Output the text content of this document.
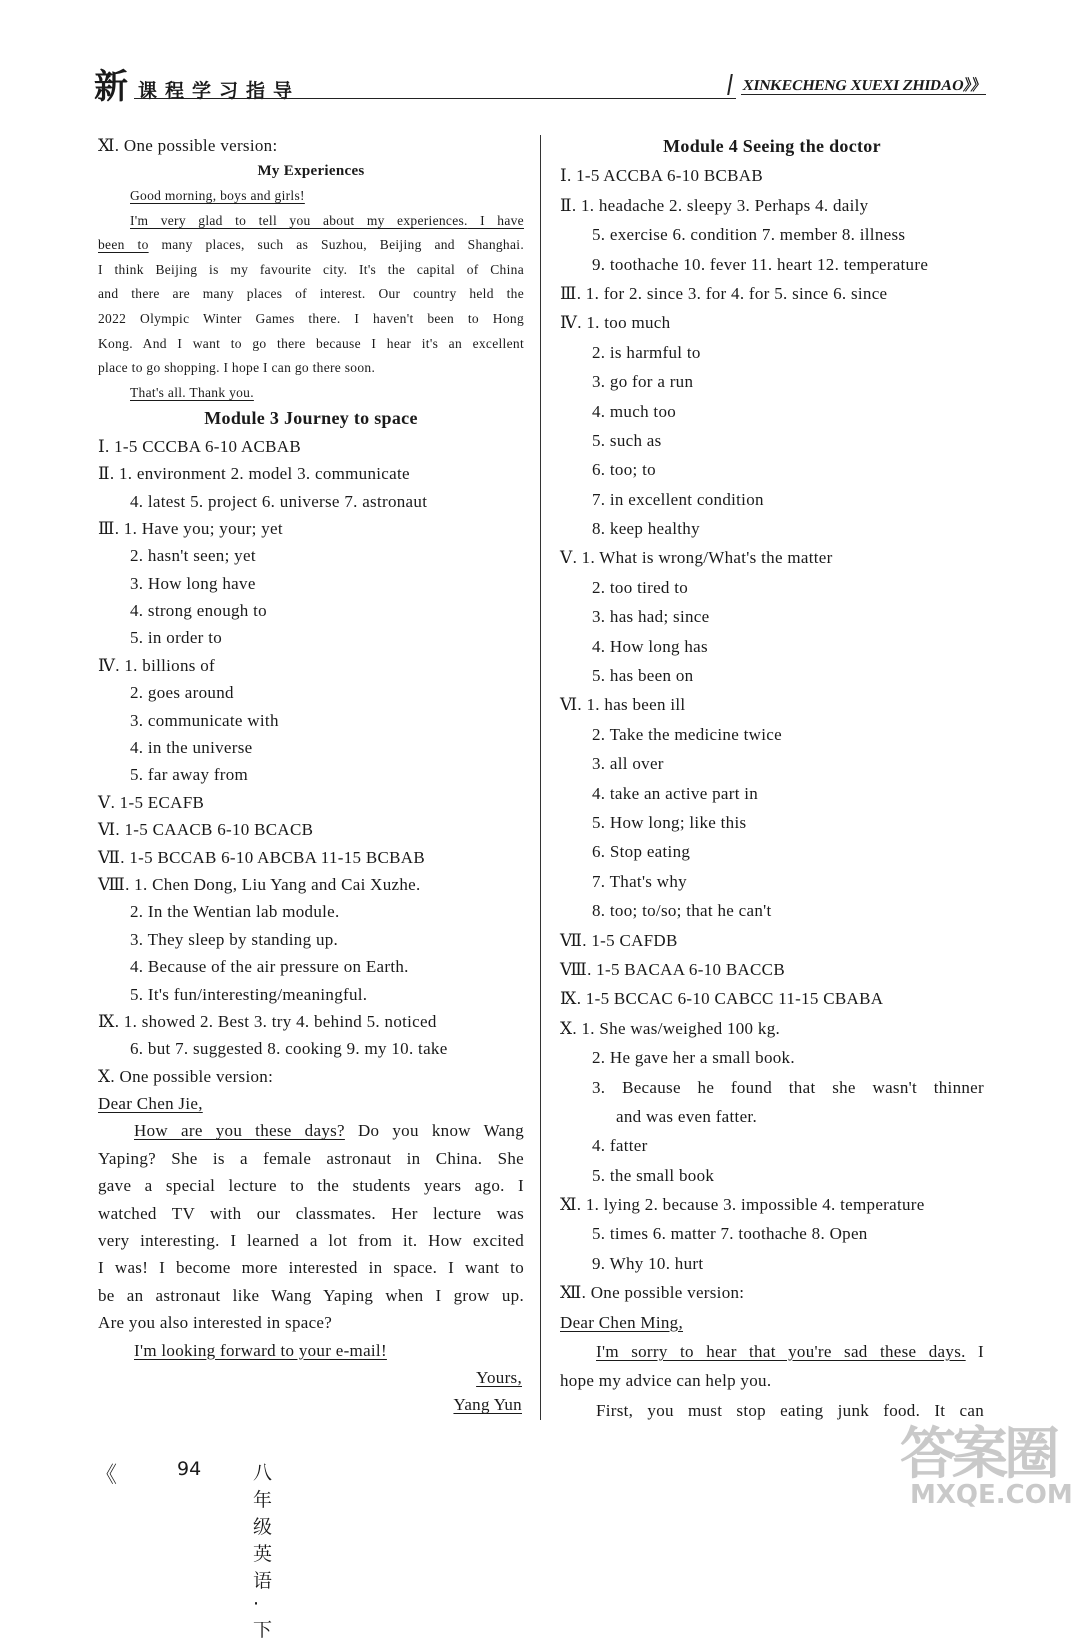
新 课程学习指导	XINKECHENG XUEXI ZHIDAO》》
Ⅺ. One possible version:
My Experiences
Good morning, boys and girls!
I'm very glad to tell you about my experiences. I have
been to many places, such as Suzhou, Beijing and Shanghai.
I think Beijing is my favourite city. It's the capital of China
and there are many places of interest. Our country held the
2022 Olympic Winter Games there. I haven't been to Hong
Kong. And I want to go there because I hear it's an excellent
place to go shopping. I hope I can go there soon.
That's all. Thank you.
Module 3 Journey to space
Ⅰ. 1-5 CCCBA 6-10 ACBAB
Ⅱ. 1. environment 2. model 3. communicate
4. latest 5. project 6. universe 7. astronaut
Ⅲ. 1. Have you; your; yet
2. hasn't seen; yet
3. How long have
4. strong enough to
5. in order to
Ⅳ. 1. billions of
2. goes around
3. communicate with
4. in the universe
5. far away from
Ⅴ. 1-5 ECAFB
Ⅵ. 1-5 CAACB 6-10 BCACB
Ⅶ. 1-5 BCCAB 6-10 ABCBA 11-15 BCBAB
Ⅷ. 1. Chen Dong, Liu Yang and Cai Xuzhe.
2. In the Wentian lab module.
3. They sleep by standing up.
4. Because of the air pressure on Earth.
5. It's fun/interesting/meaningful.
Ⅸ. 1. showed 2. Best 3. try 4. behind 5. noticed
6. but 7. suggested 8. cooking 9. my 10. take
Ⅹ. One possible version:
Dear Chen Jie,
How are you these days? Do you know Wang
Yaping? She is a female astronaut in China. She
gave a special lecture to the students years ago. I
watched TV with our classmates. Her lecture was
very interesting. I learned a lot from it. How excited
I was! I become more interested in space. I want to
be an astronaut like Wang Yaping when I grow up.
Are you also interested in space?
I'm looking forward to your e-mail!
Yours,
Yang Yun
Module 4 Seeing the doctor
Ⅰ. 1-5 ACCBA 6-10 BCBAB
Ⅱ. 1. headache 2. sleepy 3. Perhaps 4. daily
5. exercise 6. condition 7. member 8. illness
9. toothache 10. fever 11. heart 12. temperature
Ⅲ. 1. for 2. since 3. for 4. for 5. since 6. since
Ⅳ. 1. too much
2. is harmful to
3. go for a run
4. much too
5. such as
6. too; to
7. in excellent condition
8. keep healthy
Ⅴ. 1. What is wrong/What's the matter
2. too tired to
3. has had; since
4. How long has
5. has been on
Ⅵ. 1. has been ill
2. Take the medicine twice
3. all over
4. take an active part in
5. How long; like this
6. Stop eating
7. That's why
8. too; to/so; that he can't
Ⅶ. 1-5 CAFDB
Ⅷ. 1-5 BACAA 6-10 BACCB
Ⅸ. 1-5 BCCAC 6-10 CABCC 11-15 CBABA
Ⅹ. 1. She was/weighed 100 kg.
2. He gave her a small book.
3. Because he found that she wasn't thinner
and was even fatter.
4. fatter
5. the small book
Ⅺ. 1. lying 2. because 3. impossible 4. temperature
5. times 6. matter 7. toothache 8. Open
9. Why 10. hurt
Ⅻ. One possible version:
Dear Chen Ming,
I'm sorry to hear that you're sad these days. I
hope my advice can help you.
First, you must stop eating junk food. It can
《	94	八年级英语·下
答案圈
MXQE.COM
